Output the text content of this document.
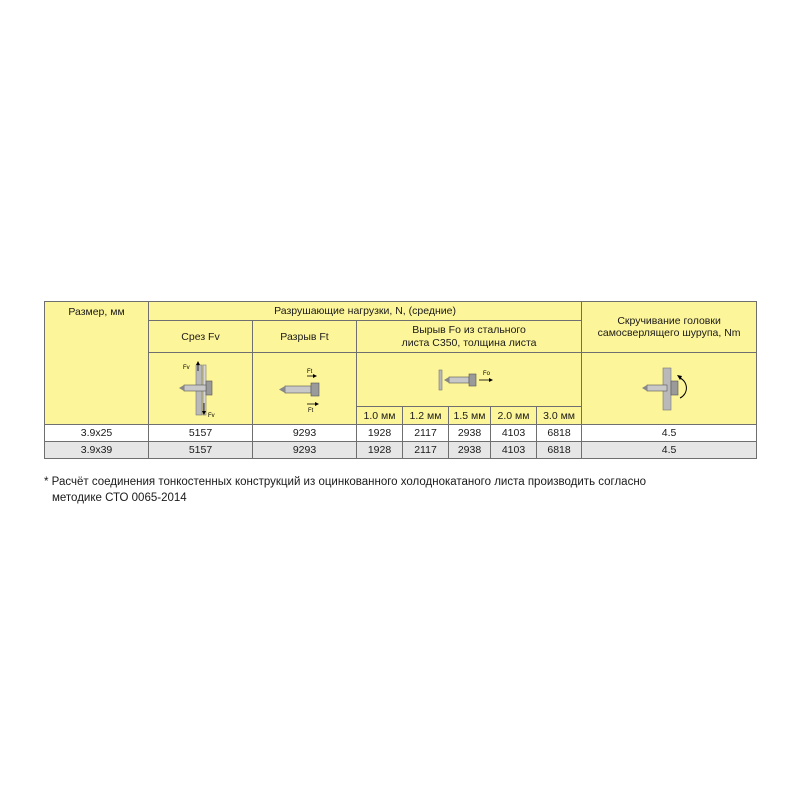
Размер, мм	Разрушающие нагрузки, N, (средние)							Скручивание головки
самосверлящего шурупа, Nm
	Срез Fv	Разрыв Ft	Вырыв Fo из стального
листа С350, толщина листа					

Fv
Fv	Ft
Ft	Fo

			1.0 мм	1.2 мм	1.5 мм	2.0 мм	3.0 мм	
3.9x25	5157	9293	1928	2117	2938	4103	6818	4.5
3.9x39	5157	9293	1928	2117	2938	4103	6818	4.5
* Расчёт соединения тонкостенных конструкций из оцинкованного холоднокатаного листа производить согласно
методике СТО 0065-2014
